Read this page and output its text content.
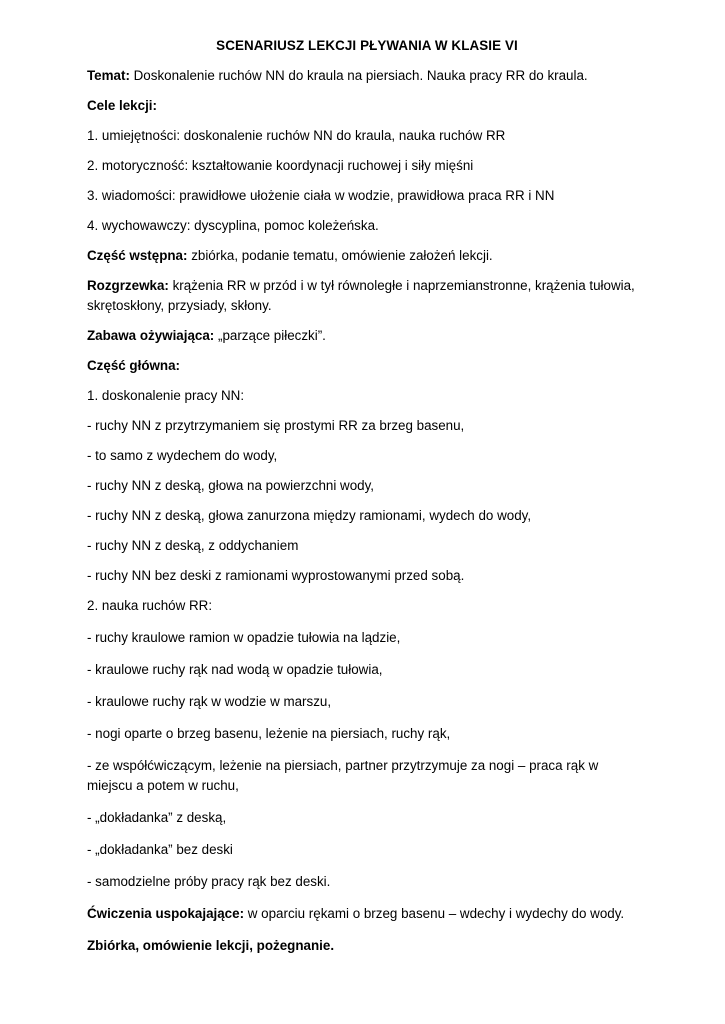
SCENARIUSZ LEKCJI PŁYWANIA W KLASIE VI

Temat: Doskonalenie ruchów NN do kraula na piersiach. Nauka pracy RR do kraula.

Cele lekcji:

1. umiejętności: doskonalenie ruchów NN do kraula, nauka ruchów RR

2. motoryczność: kształtowanie koordynacji ruchowej i siły mięśni

3. wiadomości: prawidłowe ułożenie ciała w wodzie, prawidłowa praca RR i NN

4. wychowawczy: dyscyplina, pomoc koleżeńska.

Część wstępna: zbiórka, podanie tematu, omówienie założeń lekcji.

Rozgrzewka: krążenia RR w przód i w tył równoległe i naprzemianstronne, krążenia tułowia, skrętoskłony, przysiady, skłony.

Zabawa ożywiająca: „parzące piłeczki”.

Część główna:

1. doskonalenie pracy NN:

- ruchy NN z przytrzymaniem się prostymi RR za brzeg basenu,

- to samo z wydechem do wody,

- ruchy NN z deską, głowa na powierzchni wody,

- ruchy NN z deską, głowa zanurzona między ramionami, wydech do wody,

- ruchy NN z deską, z oddychaniem

- ruchy NN bez deski z ramionami wyprostowanymi przed sobą.

2. nauka ruchów RR:

- ruchy kraulowe ramion w opadzie tułowia na lądzie,

- kraulowe ruchy rąk nad wodą w opadzie tułowia,

- kraulowe ruchy rąk w wodzie w marszu,

- nogi oparte o brzeg basenu, leżenie na piersiach, ruchy rąk,

- ze współćwiczącym, leżenie na piersiach, partner przytrzymuje za nogi – praca rąk w miejscu a potem w ruchu,

- „dokładanka” z deską,

- „dokładanka” bez deski

- samodzielne próby pracy rąk bez deski.

Ćwiczenia uspokajające: w oparciu rękami o brzeg basenu – wdechy i wydechy do wody.

Zbiórka, omówienie lekcji, pożegnanie.
